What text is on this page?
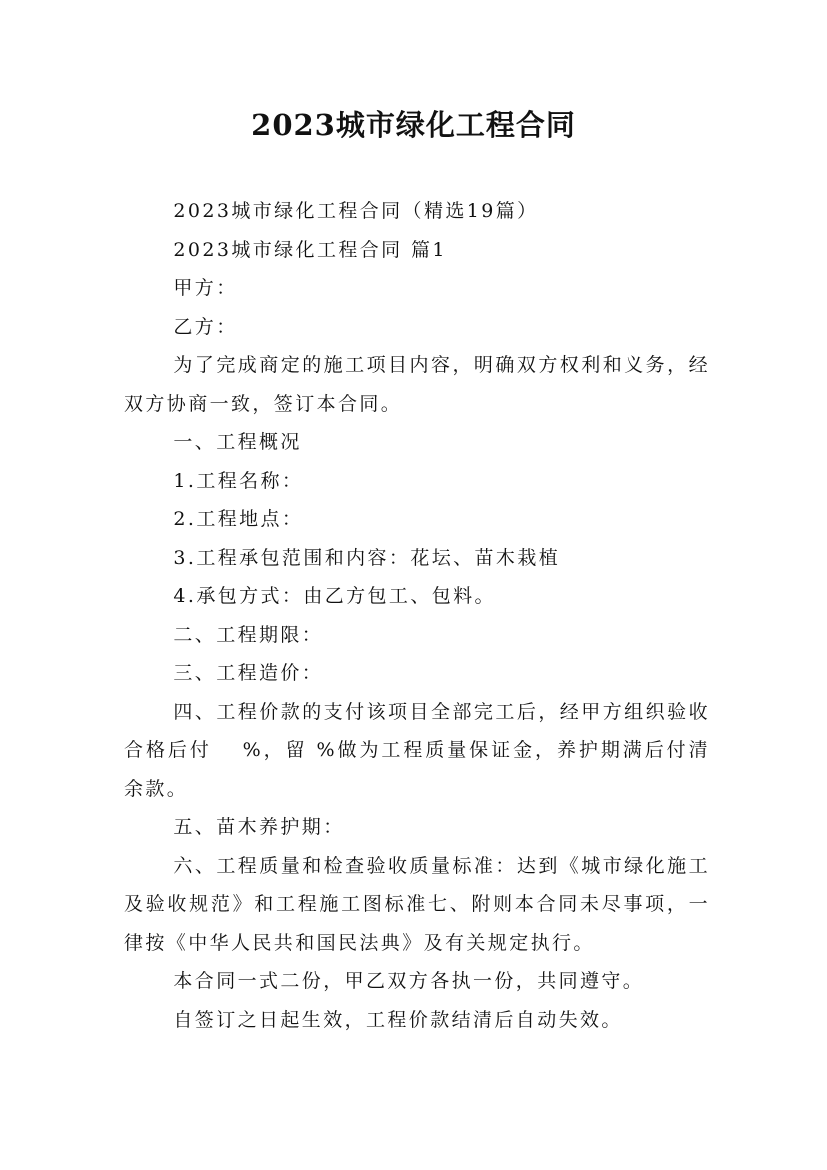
2023城市绿化工程合同

2023城市绿化工程合同（精选19篇）

2023城市绿化工程合同 篇1

甲方：

乙方：

为了完成商定的施工项目内容，明确双方权利和义务，经双方协商一致，签订本合同。

一、工程概况

1.工程名称：

2.工程地点：

3.工程承包范围和内容：花坛、苗木栽植

4.承包方式：由乙方包工、包料。

二、工程期限：

三、工程造价：

四、工程价款的支付该项目全部完工后，经甲方组织验收合格后付　 %，留 %做为工程质量保证金，养护期满后付清余款。

五、苗木养护期：

六、工程质量和检查验收质量标准：达到《城市绿化施工及验收规范》和工程施工图标准七、附则本合同未尽事项，一律按《中华人民共和国民法典》及有关规定执行。

本合同一式二份，甲乙双方各执一份，共同遵守。

自签订之日起生效，工程价款结清后自动失效。
